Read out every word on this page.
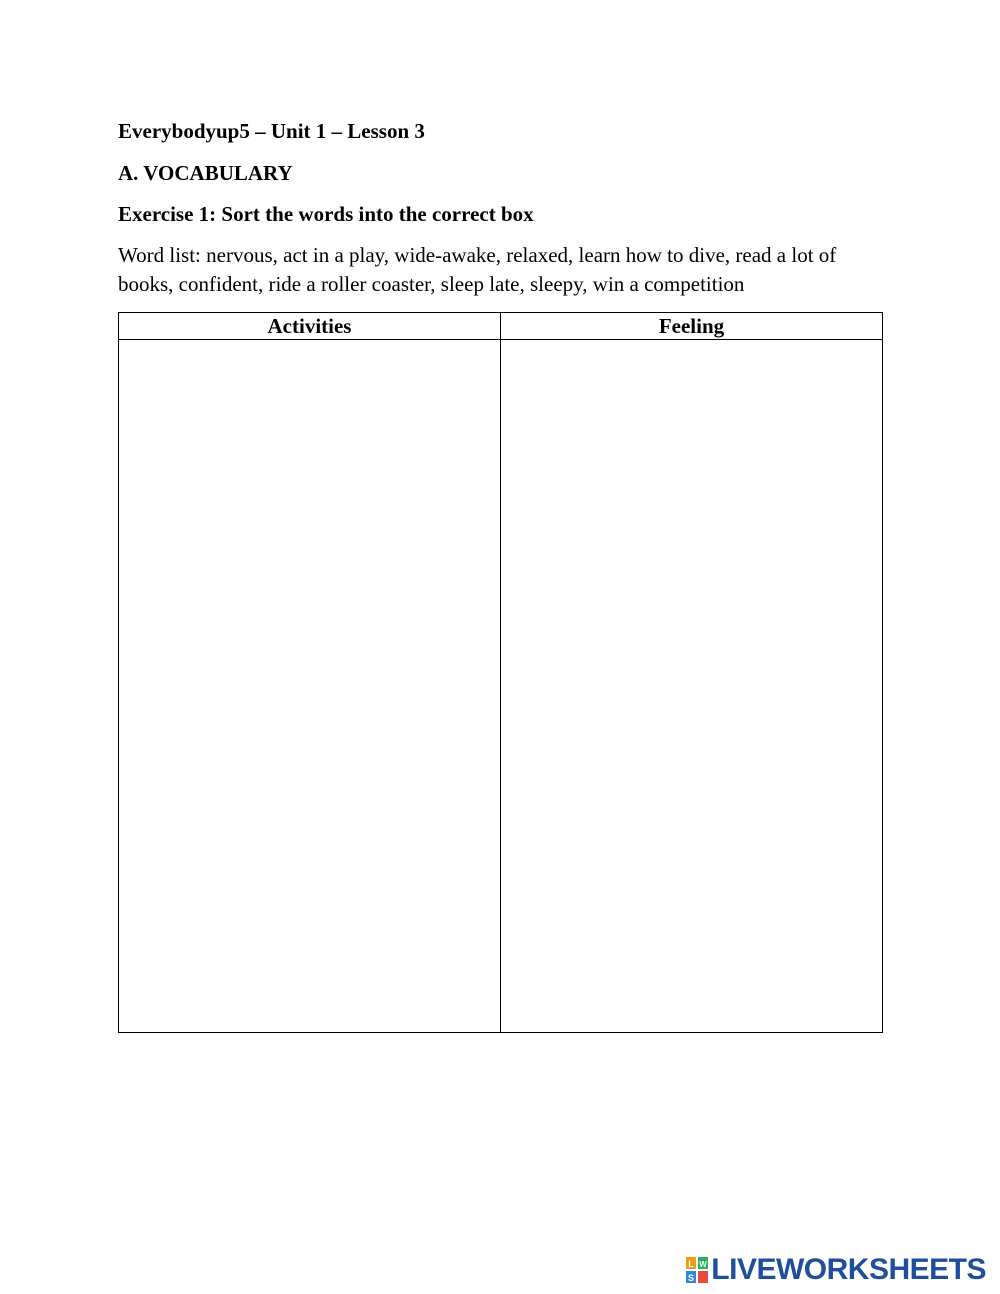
Everybodyup5 – Unit 1 – Lesson 3
A. VOCABULARY
Exercise 1: Sort the words into the correct box
Word list: nervous, act in a play, wide-awake, relaxed, learn how to dive, read a lot of books, confident, ride a roller coaster, sleep late, sleepy, win a competition
Activities	Feeling

L W
S LIVEWORKSHEETS
